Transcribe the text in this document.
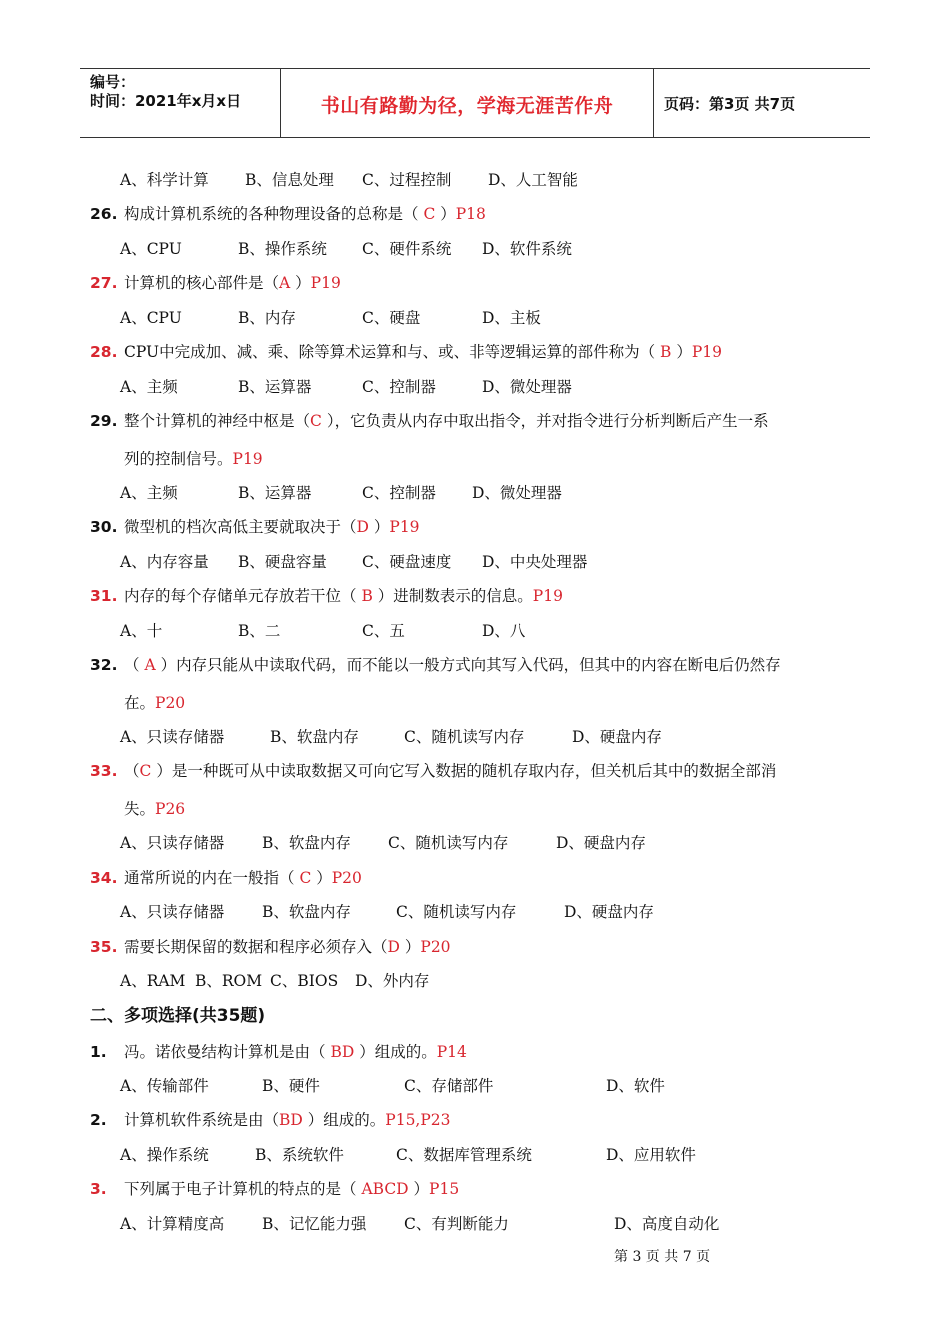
编号：
时间：2021年x月x日	书山有路勤为径，学海无涯苦作舟	页码：第3页 共7页
A、科学计算 B、信息处理 C、过程控制 D、人工智能
26. 构成计算机系统的各种物理设备的总称是（ C ）P18
A、CPU	B、操作系统 C、硬件系统 D、软件系统
27. 计算机的核心部件是（A ）P19
A、CPU	B、内存	C、硬盘	D、主板
28. CPU中完成加、减、乘、除等算术运算和与、或、非等逻辑运算的部件称为（ B ）P19
A、主频	B、运算器	C、控制器	D、微处理器
29. 整个计算机的神经中枢是（C ），它负责从内存中取出指令，并对指令进行分析判断后产生一系
列的控制信号。P19
A、主频	B、运算器	C、控制器 D、微处理器
30. 微型机的档次高低主要就取决于（D ）P19
A、内存容量 B、硬盘容量 C、硬盘速度 D、中央处理器
31. 内存的每个存储单元存放若干位（ B ）进制数表示的信息。P19
A、十	B、二	C、五	D、八
32. （ A ）内存只能从中读取代码，而不能以一般方式向其写入代码，但其中的内容在断电后仍然存
在。P20
A、只读存储器	B、软盘内存	C、随机读写内存	D、硬盘内存
33. （C ）是一种既可从中读取数据又可向它写入数据的随机存取内存，但关机后其中的数据全部消
失。P26
A、只读存储器 B、软盘内存 C、随机读写内存	D、硬盘内存
34. 通常所说的内在一般指（ C ）P20
A、只读存储器 B、软盘内存	C、随机读写内存	D、硬盘内存
35. 需要长期保留的数据和程序必须存入（D ）P20
A、RAM B、ROM C、BIOS D、外内存
二、多项选择(共35题)
1. 冯。诺依曼结构计算机是由（ BD ）组成的。P14
A、传输部件	B、硬件	C、存储部件	D、软件
2. 计算机软件系统是由（BD ）组成的。P15,P23
A、操作系统	B、系统软件	C、数据库管理系统	D、应用软件
3. 下列属于电子计算机的特点的是（ ABCD ）P15
A、计算精度高 B、记忆能力强 C、有判断能力	D、高度自动化
第 3 页 共 7 页
